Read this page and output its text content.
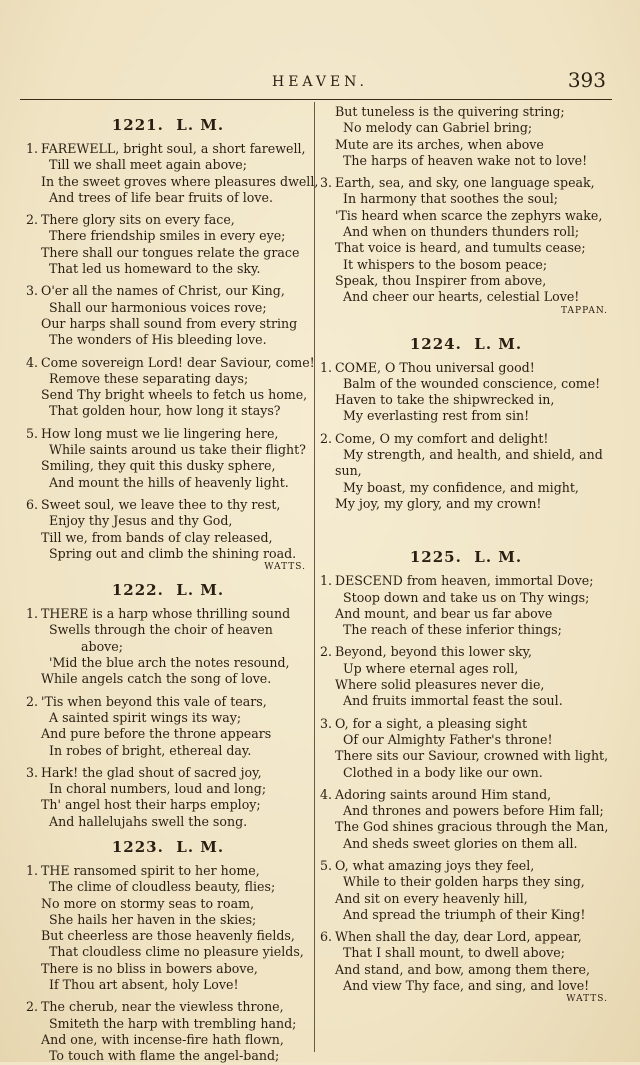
HEAVEN.	393
1221. L. M.
1. FAREWELL, bright soul, a short farewell,
Till we shall meet again above;
In the sweet groves where pleasures dwell,
And trees of life bear fruits of love.
2. There glory sits on every face,
There friendship smiles in every eye;
There shall our tongues relate the grace
That led us homeward to the sky.
3. O'er all the names of Christ, our King,
Shall our harmonious voices rove;
Our harps shall sound from every string
The wonders of His bleeding love.
4. Come sovereign Lord! dear Saviour, come!
Remove these separating days;
Send Thy bright wheels to fetch us home,
That golden hour, how long it stays?
5. How long must we lie lingering here,
While saints around us take their flight?
Smiling, they quit this dusky sphere,
And mount the hills of heavenly light.
6. Sweet soul, we leave thee to thy rest,
Enjoy thy Jesus and thy God,
Till we, from bands of clay released,
Spring out and climb the shining road.
WATTS.
1222. L. M.
1. THERE is a harp whose thrilling sound
Swells through the choir of heaven
above;
'Mid the blue arch the notes resound,
While angels catch the song of love.
2. 'Tis when beyond this vale of tears,
A sainted spirit wings its way;
And pure before the throne appears
In robes of bright, ethereal day.
3. Hark! the glad shout of sacred joy,
In choral numbers, loud and long;
Th' angel host their harps employ;
And hallelujahs swell the song.
1223. L. M.
1. THE ransomed spirit to her home,
The clime of cloudless beauty, flies;
No more on stormy seas to roam,
She hails her haven in the skies;
But cheerless are those heavenly fields,
That cloudless clime no pleasure yields,
There is no bliss in bowers above,
If Thou art absent, holy Love!
2. The cherub, near the viewless throne,
Smiteth the harp with trembling hand;
And one, with incense-fire hath flown,
To touch with flame the angel-band;
But tuneless is the quivering string;
No melody can Gabriel bring;
Mute are its arches, when above
The harps of heaven wake not to love!
3. Earth, sea, and sky, one language speak,
In harmony that soothes the soul;
'Tis heard when scarce the zephyrs wake,
And when on thunders thunders roll;
That voice is heard, and tumults cease;
It whispers to the bosom peace;
Speak, thou Inspirer from above,
And cheer our hearts, celestial Love!
TAPPAN.
1224. L. M.
1. COME, O Thou universal good!
Balm of the wounded conscience, come!
Haven to take the shipwrecked in,
My everlasting rest from sin!
2. Come, O my comfort and delight!
My strength, and health, and shield, and
sun,
My boast, my confidence, and might,
My joy, my glory, and my crown!
1225. L. M.
1. DESCEND from heaven, immortal Dove;
Stoop down and take us on Thy wings;
And mount, and bear us far above
The reach of these inferior things;
2. Beyond, beyond this lower sky,
Up where eternal ages roll,
Where solid pleasures never die,
And fruits immortal feast the soul.
3. O, for a sight, a pleasing sight
Of our Almighty Father's throne!
There sits our Saviour, crowned with light,
Clothed in a body like our own.
4. Adoring saints around Him stand,
And thrones and powers before Him fall;
The God shines gracious through the Man,
And sheds sweet glories on them all.
5. O, what amazing joys they feel,
While to their golden harps they sing,
And sit on every heavenly hill,
And spread the triumph of their King!
6. When shall the day, dear Lord, appear,
That I shall mount, to dwell above;
And stand, and bow, among them there,
And view Thy face, and sing, and love!
WATTS.
